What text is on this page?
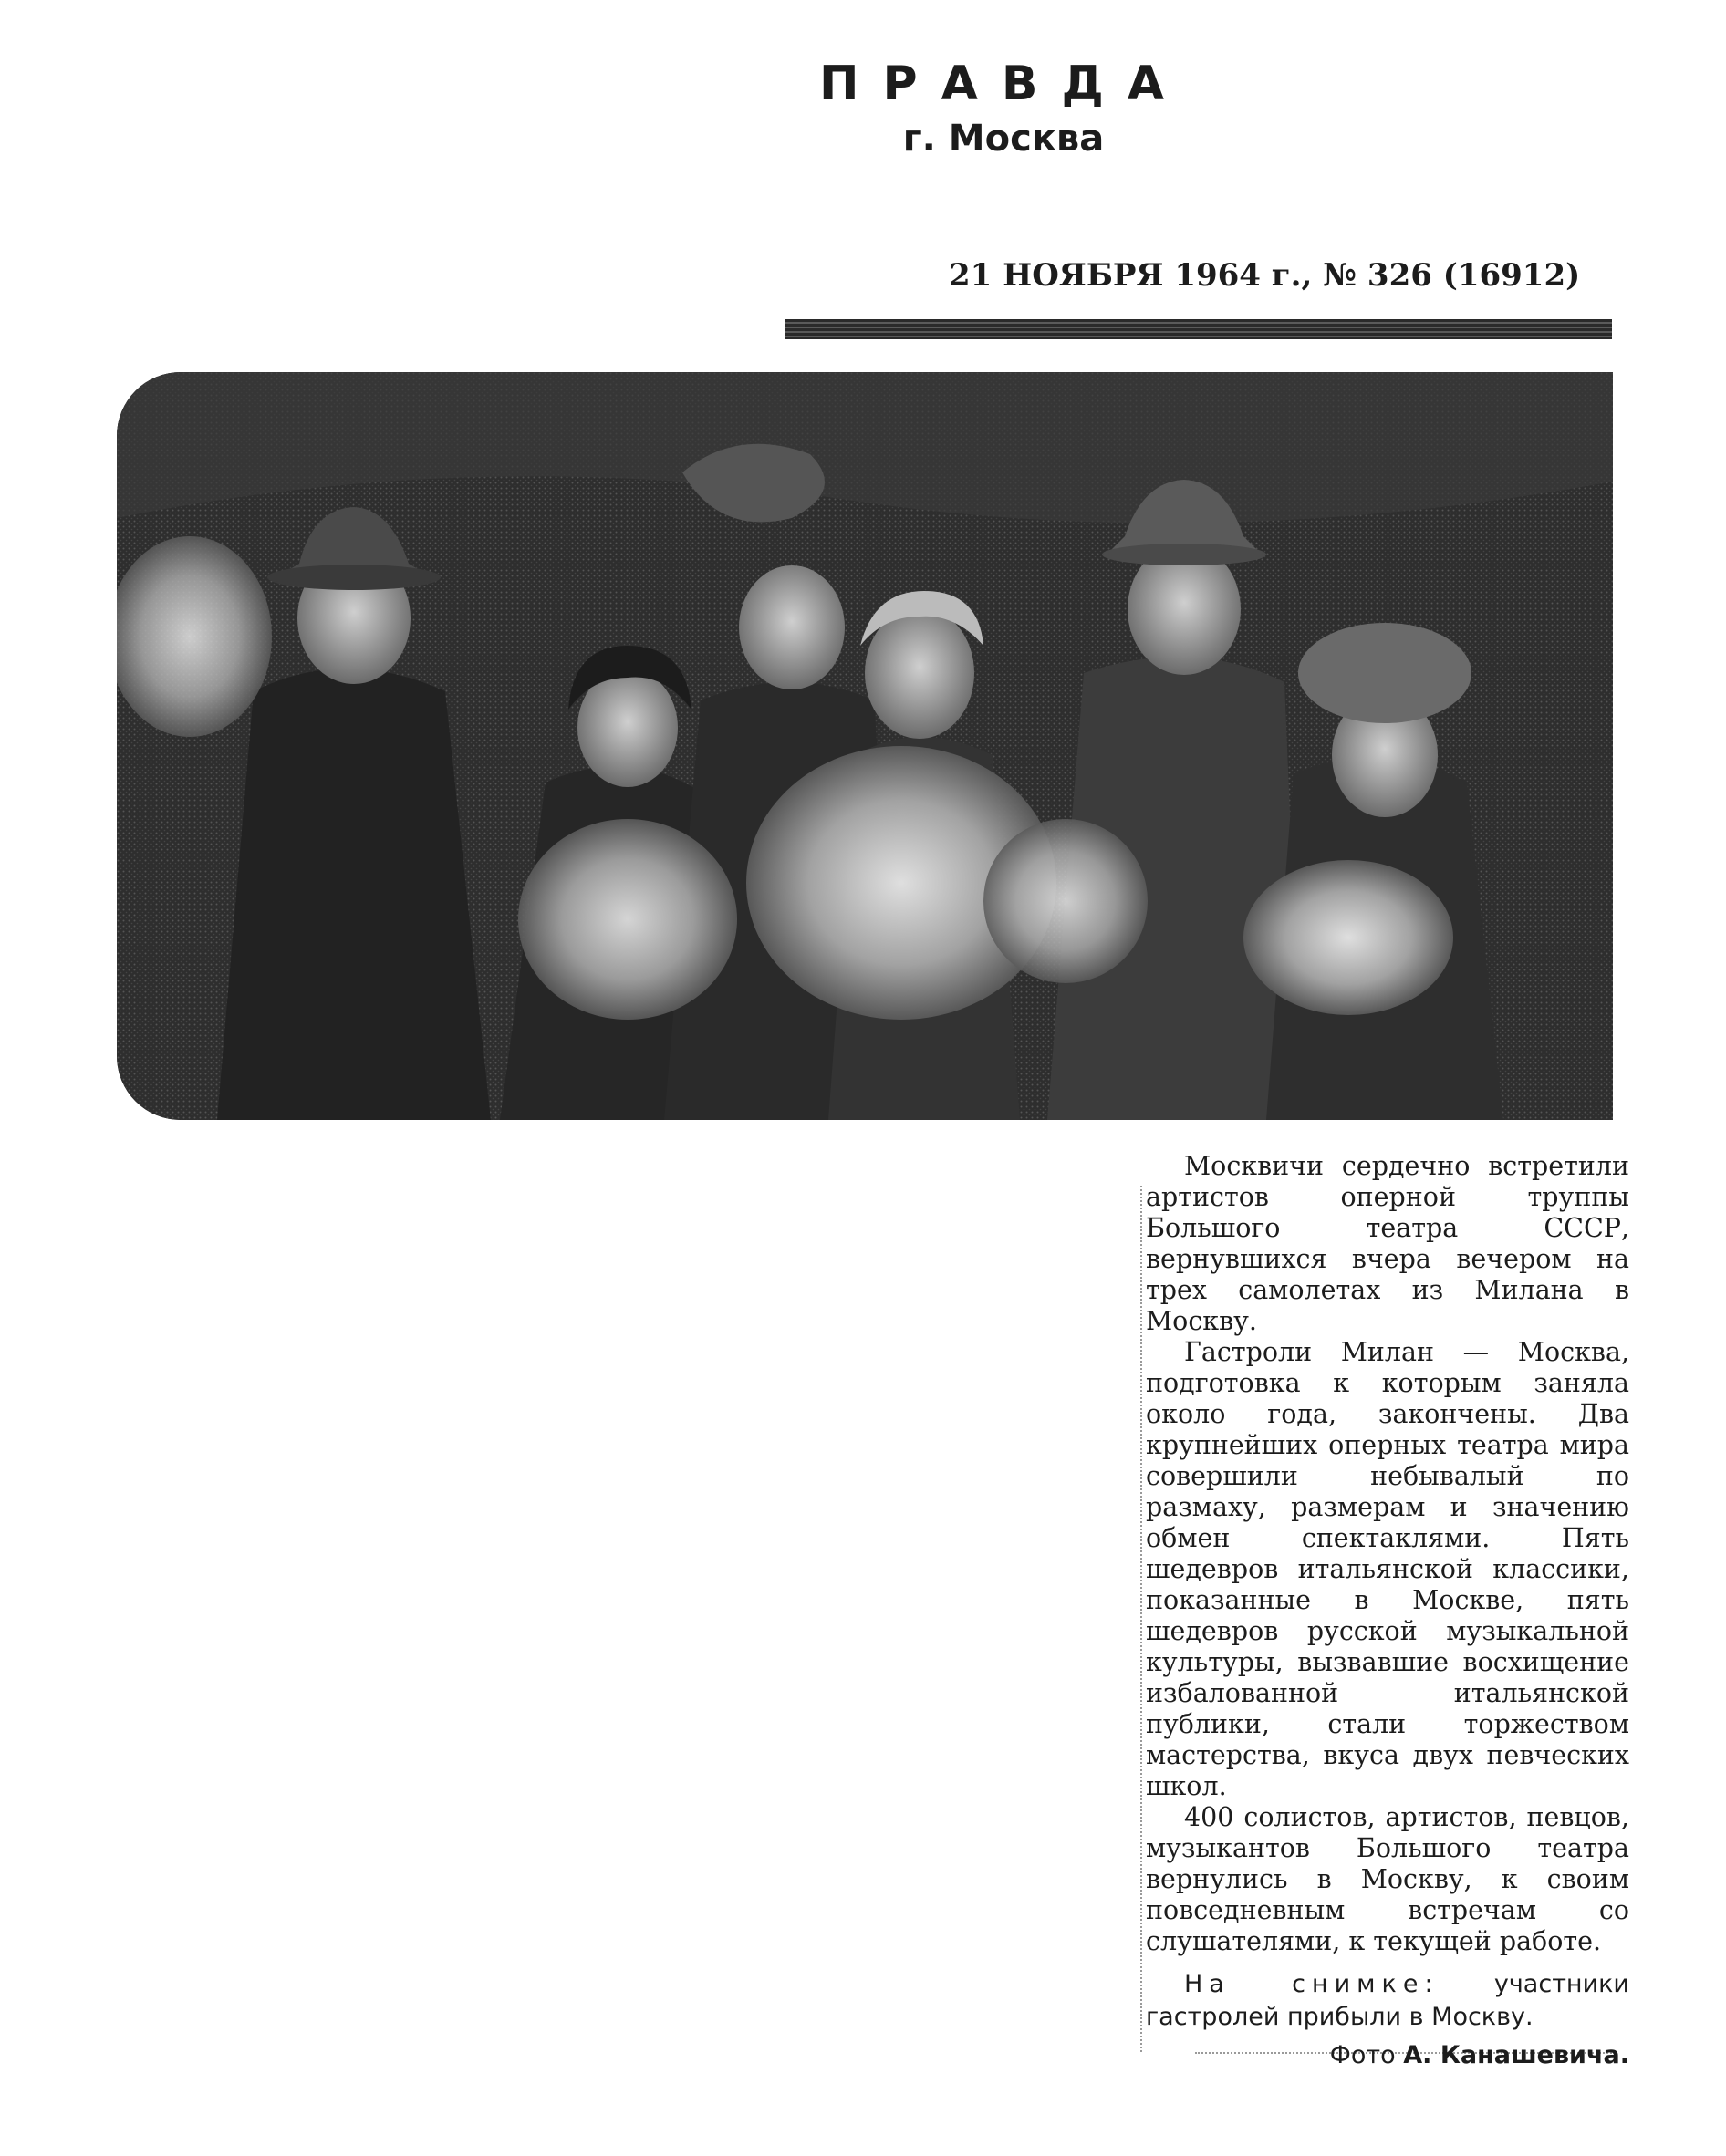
ПРАВДА
г. Москва
21 НОЯБРЯ 1964 г., № 326 (16912)

Москвичи сердечно встретили артистов оперной труппы Большого театра СССР, вернувшихся вчера вечером на трех самолетах из Милана в Москву.

Гастроли Милан — Москва, подготовка к которым заняла около года, закончены. Два крупнейших оперных театра мира совершили небывалый по размаху, размерам и значению обмен спектаклями. Пять шедевров итальянской классики, показанные в Москве, пять шедевров русской музыкальной культуры, вызвавшие восхищение избалованной итальянской публики, стали торжеством мастерства, вкуса двух певческих школ.

400 солистов, артистов, певцов, музыкантов Большого театра вернулись в Москву, к своим повседневным встречам со слушателями, к текущей работе.

На снимке: участники гастролей прибыли в Москву.
Фото А. Канашевича.
